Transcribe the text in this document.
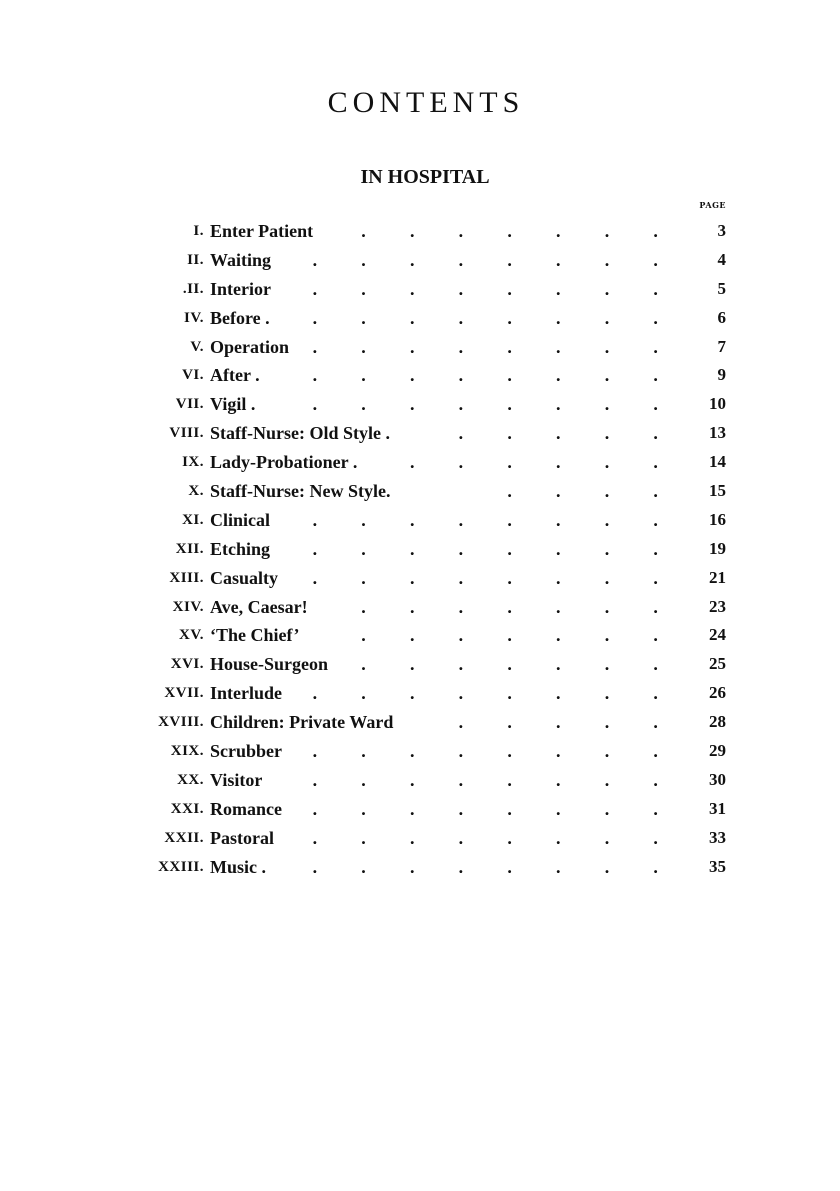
CONTENTS
IN HOSPITAL
PAGE
I. Enter Patient	.	.	.	.	.	.	.	3
II. Waiting	.	.	.	.	.	.	.	.	4
.II. Interior	.	.	.	.	.	.	.	.	5
IV. Before .	.	.	.	.	.	.	.	.	6
V. Operation	.	.	.	.	.	.	.	.	7
VI. After .	.	.	.	.	.	.	.	.	9
VII. Vigil .	.	.	.	.	.	.	.	.	10
VIII. Staff-Nurse: Old Style .	.	.	.	.	.	13
IX. Lady-Probationer .	.	.	.	.	.	.	14
X. Staff-Nurse: New Style.	.	.	.	.	15
XI. Clinical	.	.	.	.	.	.	.	.	16
XII. Etching	.	.	.	.	.	.	.	.	19
XIII. Casualty	.	.	.	.	.	.	.	.	21
XIV. Ave, Caesar!	.	.	.	.	.	.	.	23
XV. ‘The Chief’	.	.	.	.	.	.	.	24
XVI. House-Surgeon	.	.	.	.	.	.	.	25
XVII. Interlude	.	.	.	.	.	.	.	.	26
XVIII. Children: Private Ward	.	.	.	.	.	28
XIX. Scrubber	.	.	.	.	.	.	.	.	29
XX. Visitor	.	.	.	.	.	.	.	.	30
XXI. Romance	.	.	.	.	.	.	.	.	31
XXII. Pastoral	.	.	.	.	.	.	.	.	33
XXIII. Music .	.	.	.	.	.	.	.	.	35
